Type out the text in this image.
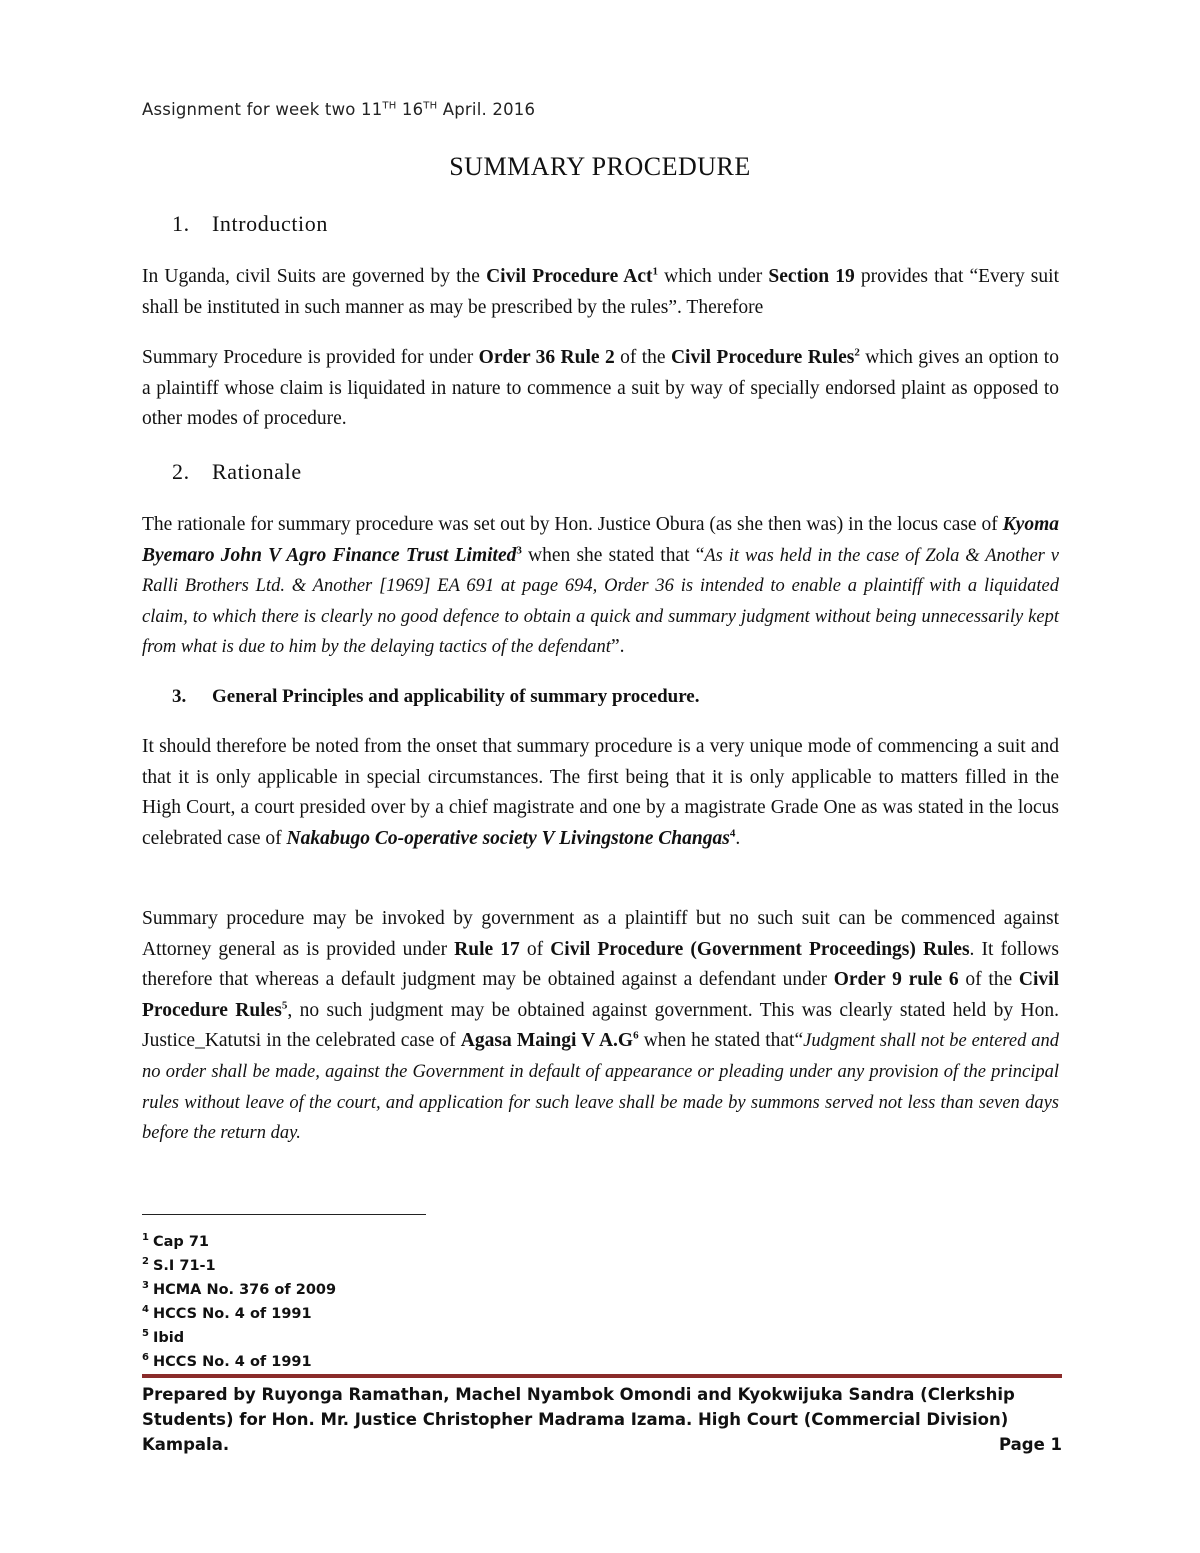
Assignment for week two 11TH 16TH April. 2016
SUMMARY PROCEDURE
1. Introduction
In Uganda, civil Suits are governed by the Civil Procedure Act$^1$ which under Section 19 provides that “Every suit shall be instituted in such manner as may be prescribed by the rules”. Therefore
Summary Procedure is provided for under Order 36 Rule 2 of the Civil Procedure Rules$^2$ which gives an option to a plaintiff whose claim is liquidated in nature to commence a suit by way of specially endorsed plaint as opposed to other modes of procedure.
2. Rationale
The rationale for summary procedure was set out by Hon. Justice Obura (as she then was) in the locus case of Kyoma Byemaro John V Agro Finance Trust Limited$^3$ when she stated that “As it was held in the case of Zola & Another v Ralli Brothers Ltd. & Another [1969] EA 691 at page 694, Order 36 is intended to enable a plaintiff with a liquidated claim, to which there is clearly no good defence to obtain a quick and summary judgment without being unnecessarily kept from what is due to him by the delaying tactics of the defendant”.
3. General Principles and applicability of summary procedure.
It should therefore be noted from the onset that summary procedure is a very unique mode of commencing a suit and that it is only applicable in special circumstances. The first being that it is only applicable to matters filled in the High Court, a court presided over by a chief magistrate and one by a magistrate Grade One as was stated in the locus celebrated case of Nakabugo Co-operative society V Livingstone Changas$^4$.
Summary procedure may be invoked by government as a plaintiff but no such suit can be commenced against Attorney general as is provided under Rule 17 of Civil Procedure (Government Proceedings) Rules. It follows therefore that whereas a default judgment may be obtained against a defendant under Order 9 rule 6 of the Civil Procedure Rules$^5$, no such judgment may be obtained against government. This was clearly stated held by Hon. Justice_Katutsi in the celebrated case of Agasa Maingi V $A.G^6$ when he stated that“Judgment shall not be entered and no order shall be made, against the Government in default of appearance or pleading under any provision of the principal rules without leave of the court, and application for such leave shall be made by summons served not less than seven days before the return day.
$^1$ Cap 71
$^2$ S.I 71-1
$^3$ HCMA No. 376 of 2009
$^4$ HCCS No. 4 of 1991
$^5$ Ibid
$^6$ HCCS No. 4 of 1991
Prepared by Ruyonga Ramathan, Machel Nyambok Omondi and Kyokwijuka Sandra (Clerkship
Students) for Hon. Mr. Justice Christopher Madrama Izama. High Court (Commercial Division)
Kampala.	Page 1
